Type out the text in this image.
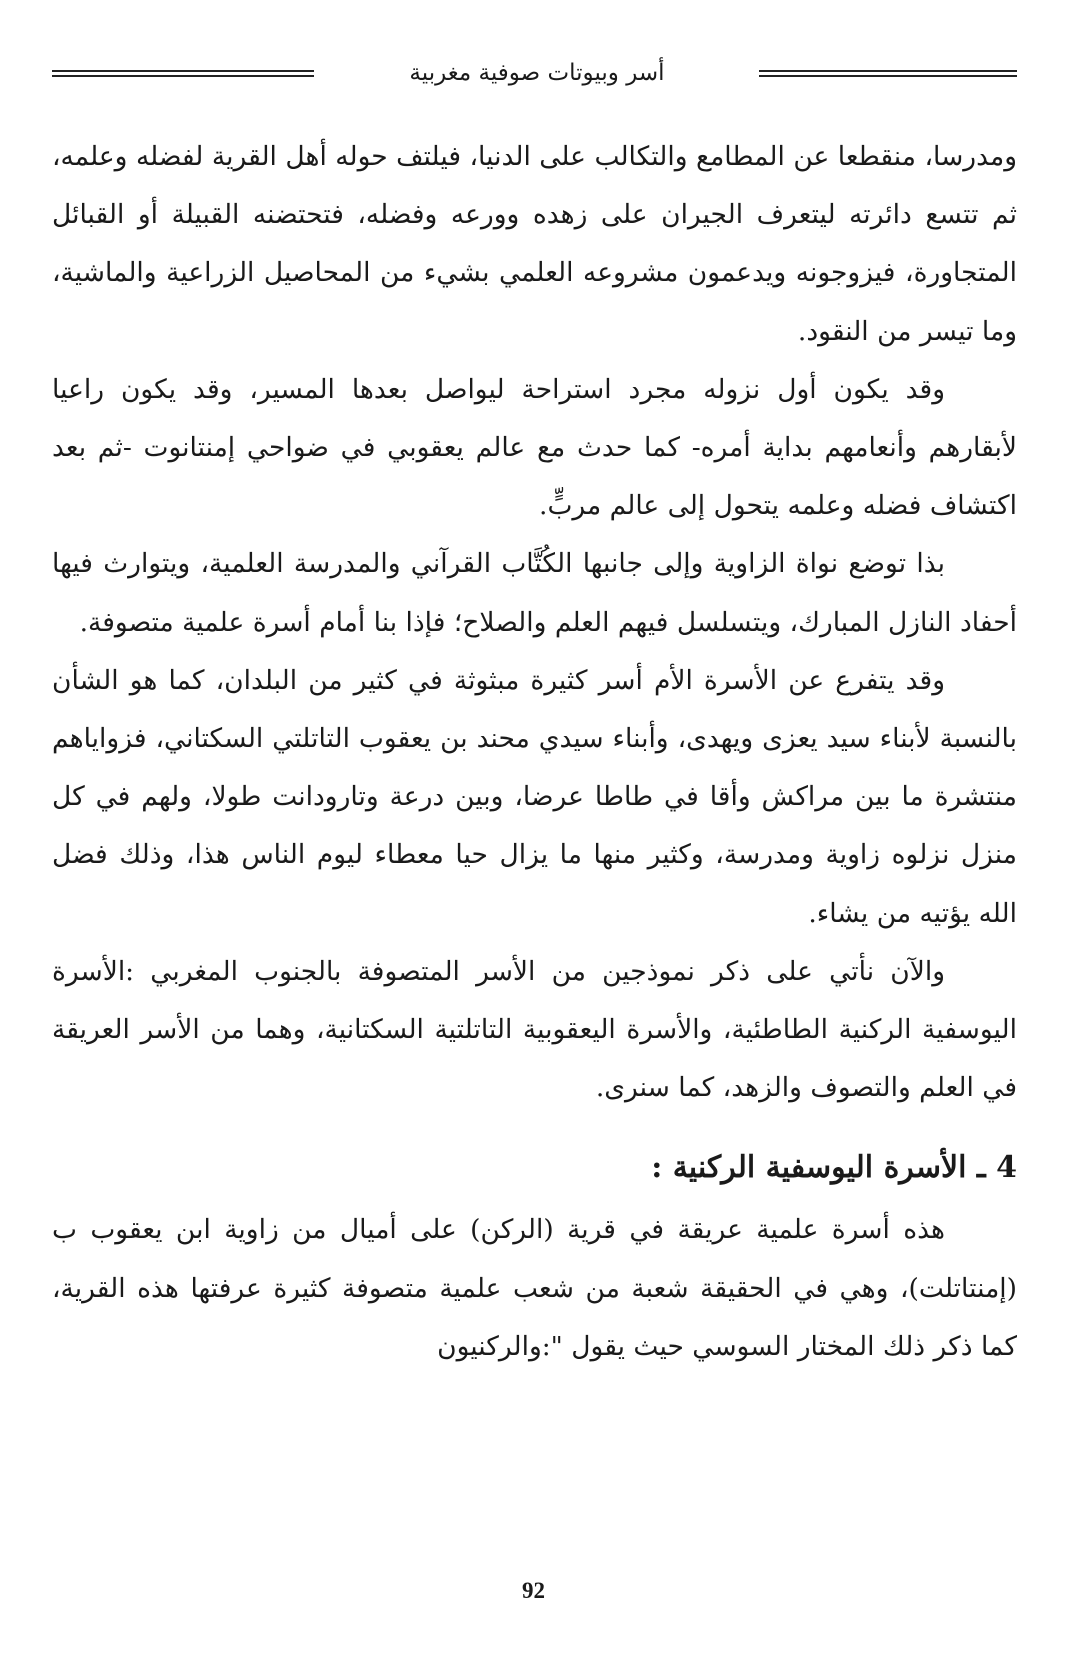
أسر وبيوتات صوفية مغربية

ومدرسا، منقطعا عن المطامع والتكالب على الدنيا، فيلتف حوله أهل القرية لفضله وعلمه، ثم تتسع دائرته ليتعرف الجيران على زهده وورعه وفضله، فتحتضنه القبيلة أو القبائل المتجاورة، فيزوجونه ويدعمون مشروعه العلمي بشيء من المحاصيل الزراعية والماشية، وما تيسر من النقود.

وقد يكون أول نزوله مجرد استراحة ليواصل بعدها المسير، وقد يكون راعيا لأبقارهم وأنعامهم بداية أمره- كما حدث مع عالم يعقوبي في ضواحي إمنتانوت -ثم بعد اكتشاف فضله وعلمه يتحول إلى عالم مربٍّ.

بذا توضع نواة الزاوية وإلى جانبها الكُتَّاب القرآني والمدرسة العلمية، ويتوارث فيها أحفاد النازل المبارك، ويتسلسل فيهم العلم والصلاح؛ فإذا بنا أمام أسرة علمية متصوفة.

وقد يتفرع عن الأسرة الأم أسر كثيرة مبثوثة في كثير من البلدان، كما هو الشأن بالنسبة لأبناء سيد يعزى ويهدى، وأبناء سيدي محند بن يعقوب التاتلتي السكتاني، فزواياهم منتشرة ما بين مراكش وأقا في طاطا عرضا، وبين درعة وتارودانت طولا، ولهم في كل منزل نزلوه زاوية ومدرسة، وكثير منها ما يزال حيا معطاء ليوم الناس هذا، وذلك فضل الله يؤتيه من يشاء.

والآن نأتي على ذكر نموذجين من الأسر المتصوفة بالجنوب المغربي :الأسرة اليوسفية الركنية الطاطئية، والأسرة اليعقوبية التاتلتية السكتانية، وهما من الأسر العريقة في العلم والتصوف والزهد، كما سنرى.

4 ـ الأسرة اليوسفية الركنية :

هذه أسرة علمية عريقة في قرية (الركن) على أميال من زاوية ابن يعقوب ب (إمنتاتلت)، وهي في الحقيقة شعبة من شعب علمية متصوفة كثيرة عرفتها هذه القرية، كما ذكر ذلك المختار السوسي حيث يقول ":والركنيون

92
